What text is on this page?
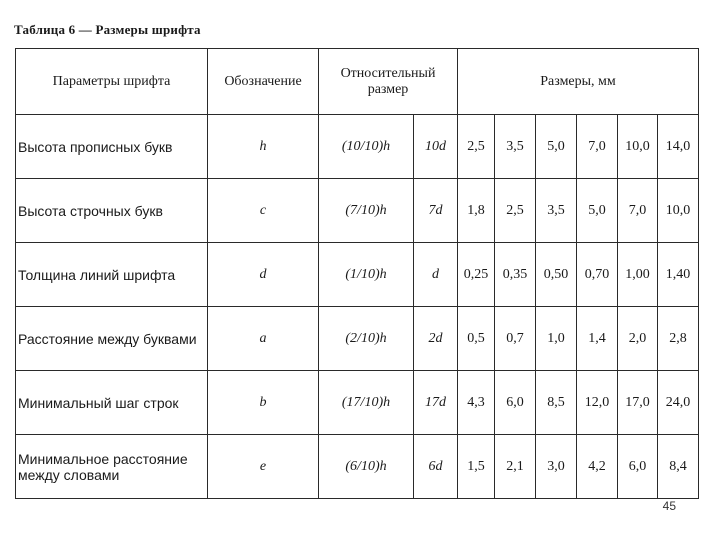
Таблица 6 — Размеры шрифта
Параметры шрифта	Обозначение	Относительный размер		Размеры, мм					
Высота прописных букв	h	(10/10)h	10d	2,5	3,5	5,0	7,0	10,0	14,0
Высота строчных букв	c	(7/10)h	7d	1,8	2,5	3,5	5,0	7,0	10,0
Толщина линий шрифта	d	(1/10)h	d	0,25	0,35	0,50	0,70	1,00	1,40
Расстояние между буквами	a	(2/10)h	2d	0,5	0,7	1,0	1,4	2,0	2,8
Минимальный шаг строк	b	(17/10)h	17d	4,3	6,0	8,5	12,0	17,0	24,0
Минимальное расстояние между словами	e	(6/10)h	6d	1,5	2,1	3,0	4,2	6,0	8,4
45
